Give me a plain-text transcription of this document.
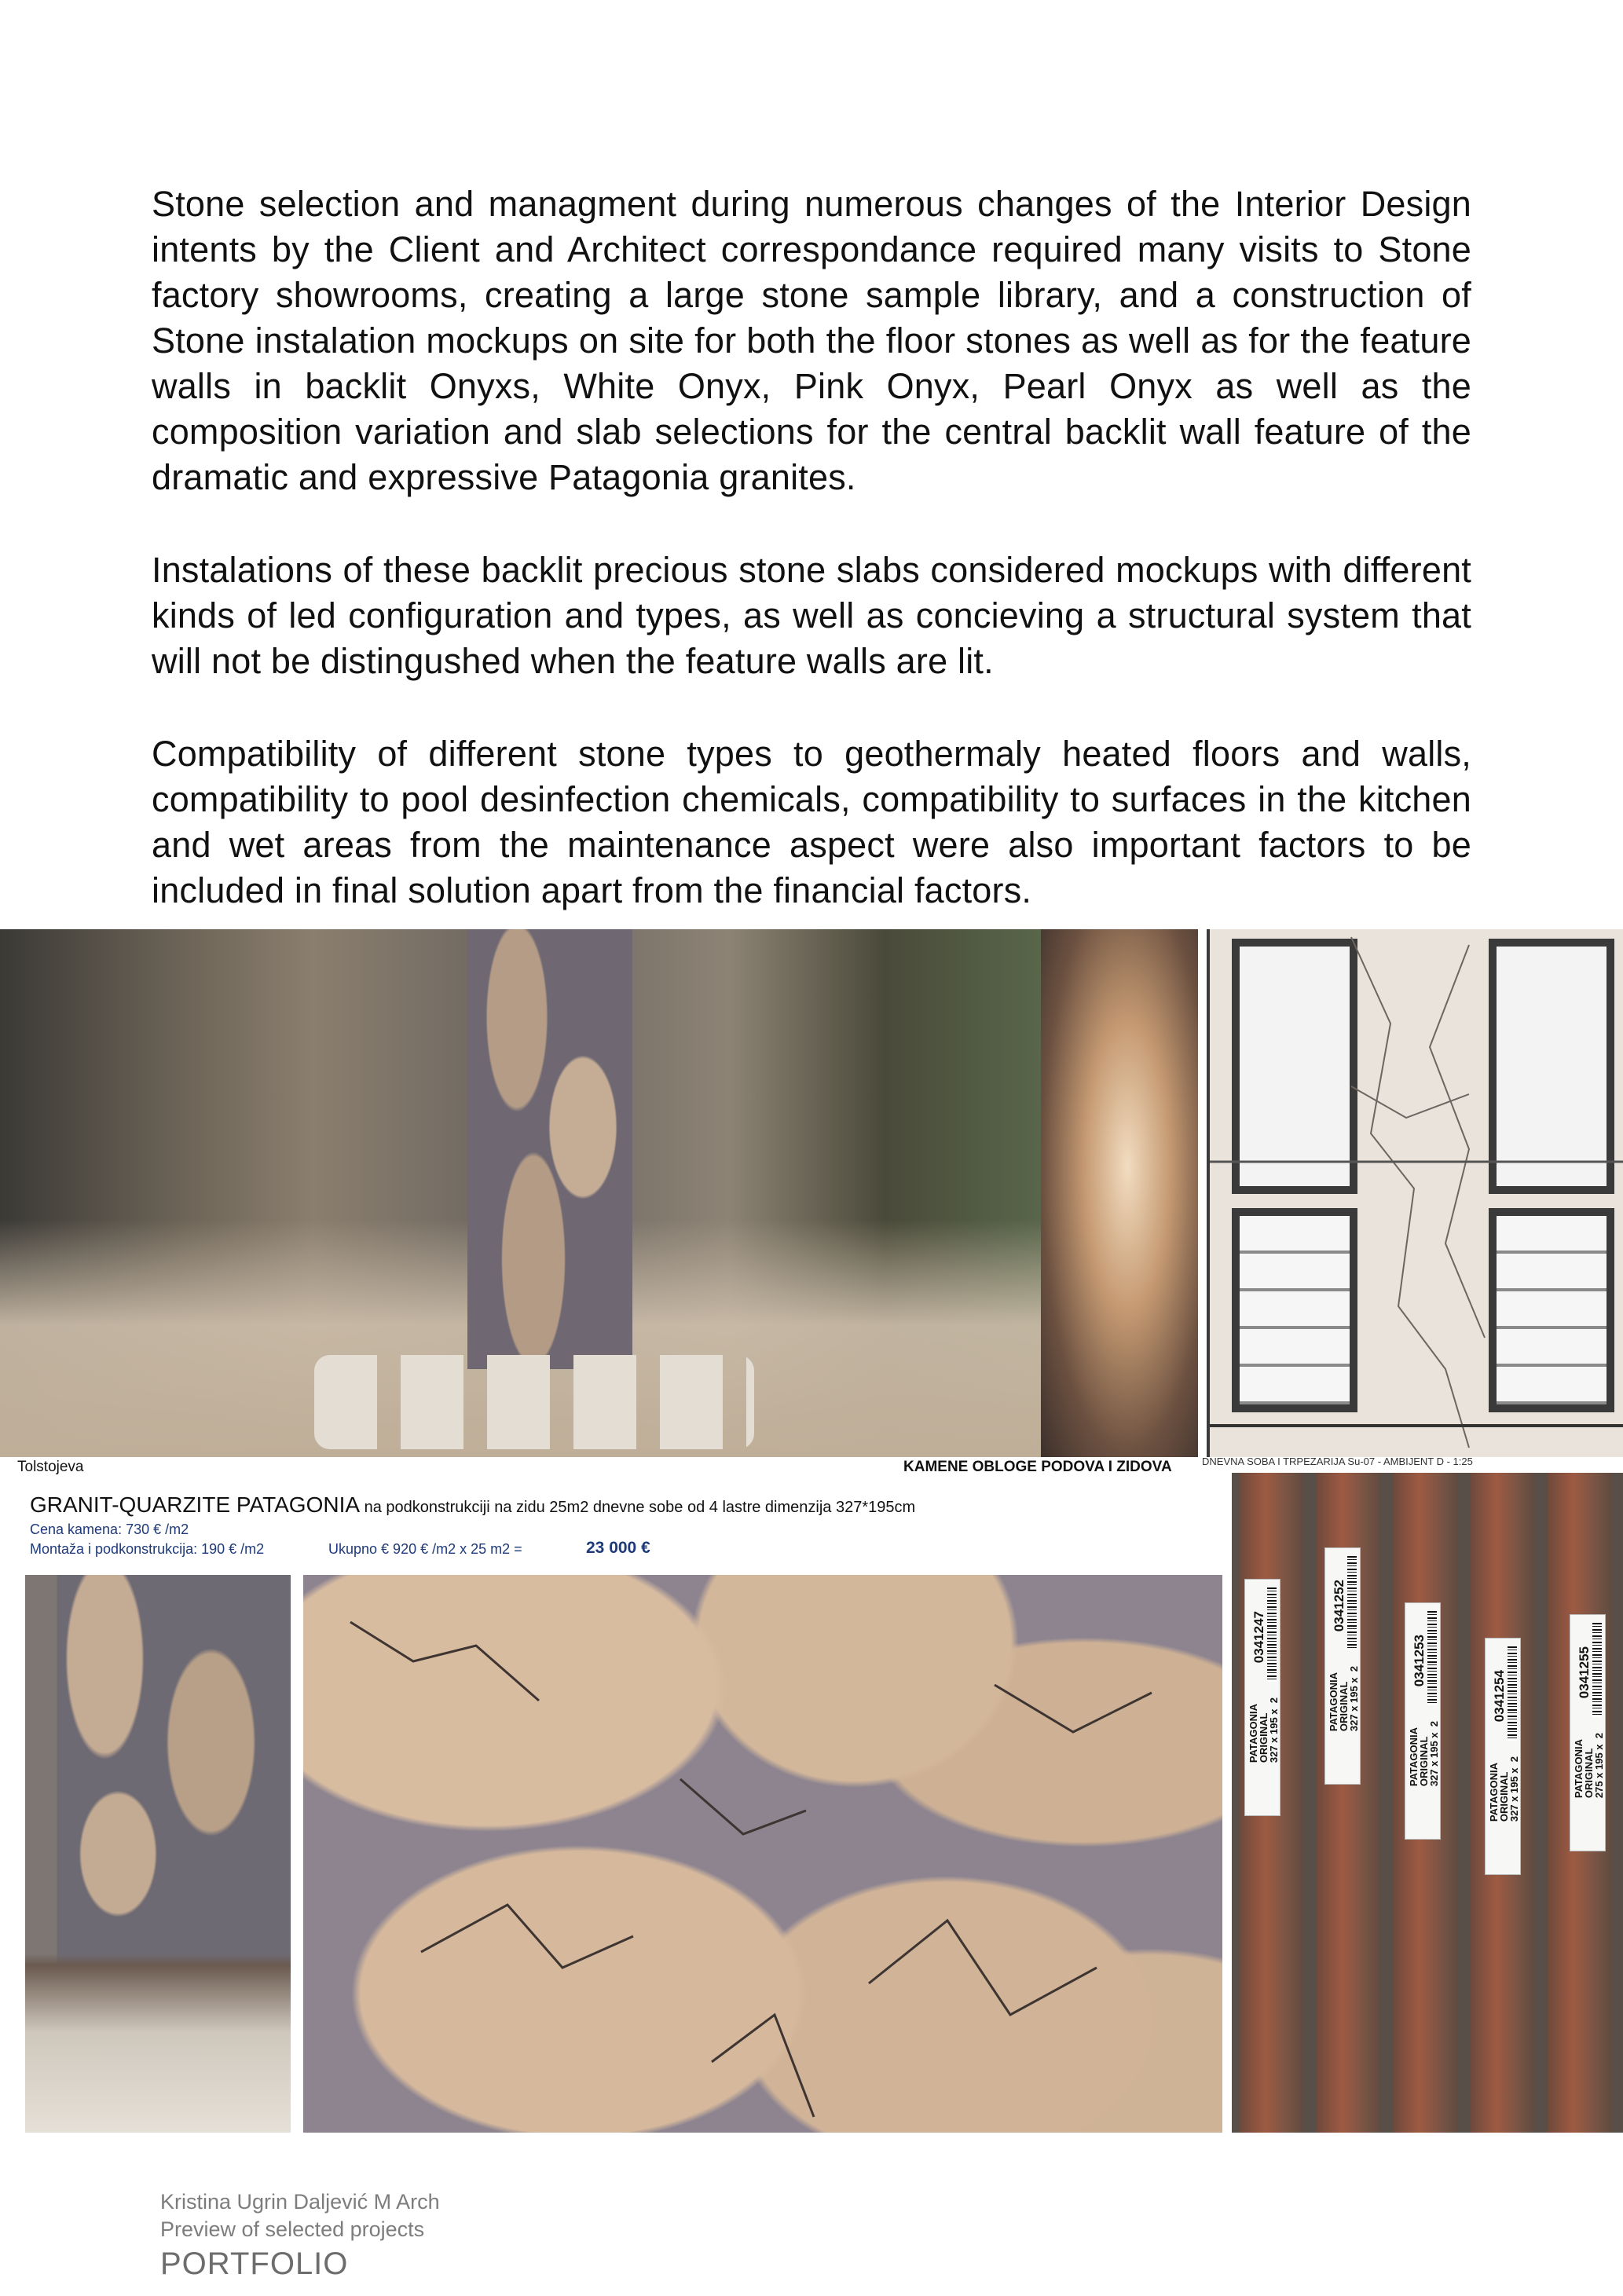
Stone selection and managment during numerous changes of the Interior Design intents by the Client and Architect correspondance required many visits to Stone factory showrooms, creating a large stone sample library, and a construction of Stone instalation mockups on site for both the floor stones as well as for the feature walls in backlit Onyxs, White Onyx, Pink Onyx, Pearl Onyx as well as the composition variation and slab selections for the central backlit wall feature of the dramatic and expressive Patagonia granites.

Instalations of these backlit precious stone slabs considered mockups with different kinds of led configuration and types, as well as concieving a structural system that will not be distingushed when the feature walls are lit.

Compatibility of different stone types to geothermaly heated floors and walls, compatibility to pool desinfection chemicals, compatibility to surfaces in the kitchen and wet areas from the maintenance aspect were also important factors to be included in final solution apart from the financial factors.

Tolstojeva	KAMENE OBLOGE PODOVA I ZIDOVA	DNEVNA SOBA I TRPEZARIJA Su-07 - AMBIJENT D - 1:25
GRANIT-QUARZITE PATAGONIA na podkonstrukciji na zidu 25m2 dnevne sobe od 4 lastre dimenzija 327*195cm
Cena kamena: 730 € /m2
Montaža i podkonstrukcija: 190 € /m2	Ukupno € 920 € /m2 x 25 m2 =	23 000 €
0341247
PATAGONIA
ORIGINAL
327 x 195 x  2
0341252
PATAGONIA
ORIGINAL
327 x 195 x  2	0341253
PATAGONIA
ORIGINAL
327 x 195 x  2
0341254
PATAGONIA
ORIGINAL
327 x 195 x  2
0341255
PATAGONIA
ORIGINAL
275 x 195 x  2
Kristina Ugrin Daljević M Arch
Preview of selected projects
PORTFOLIO
